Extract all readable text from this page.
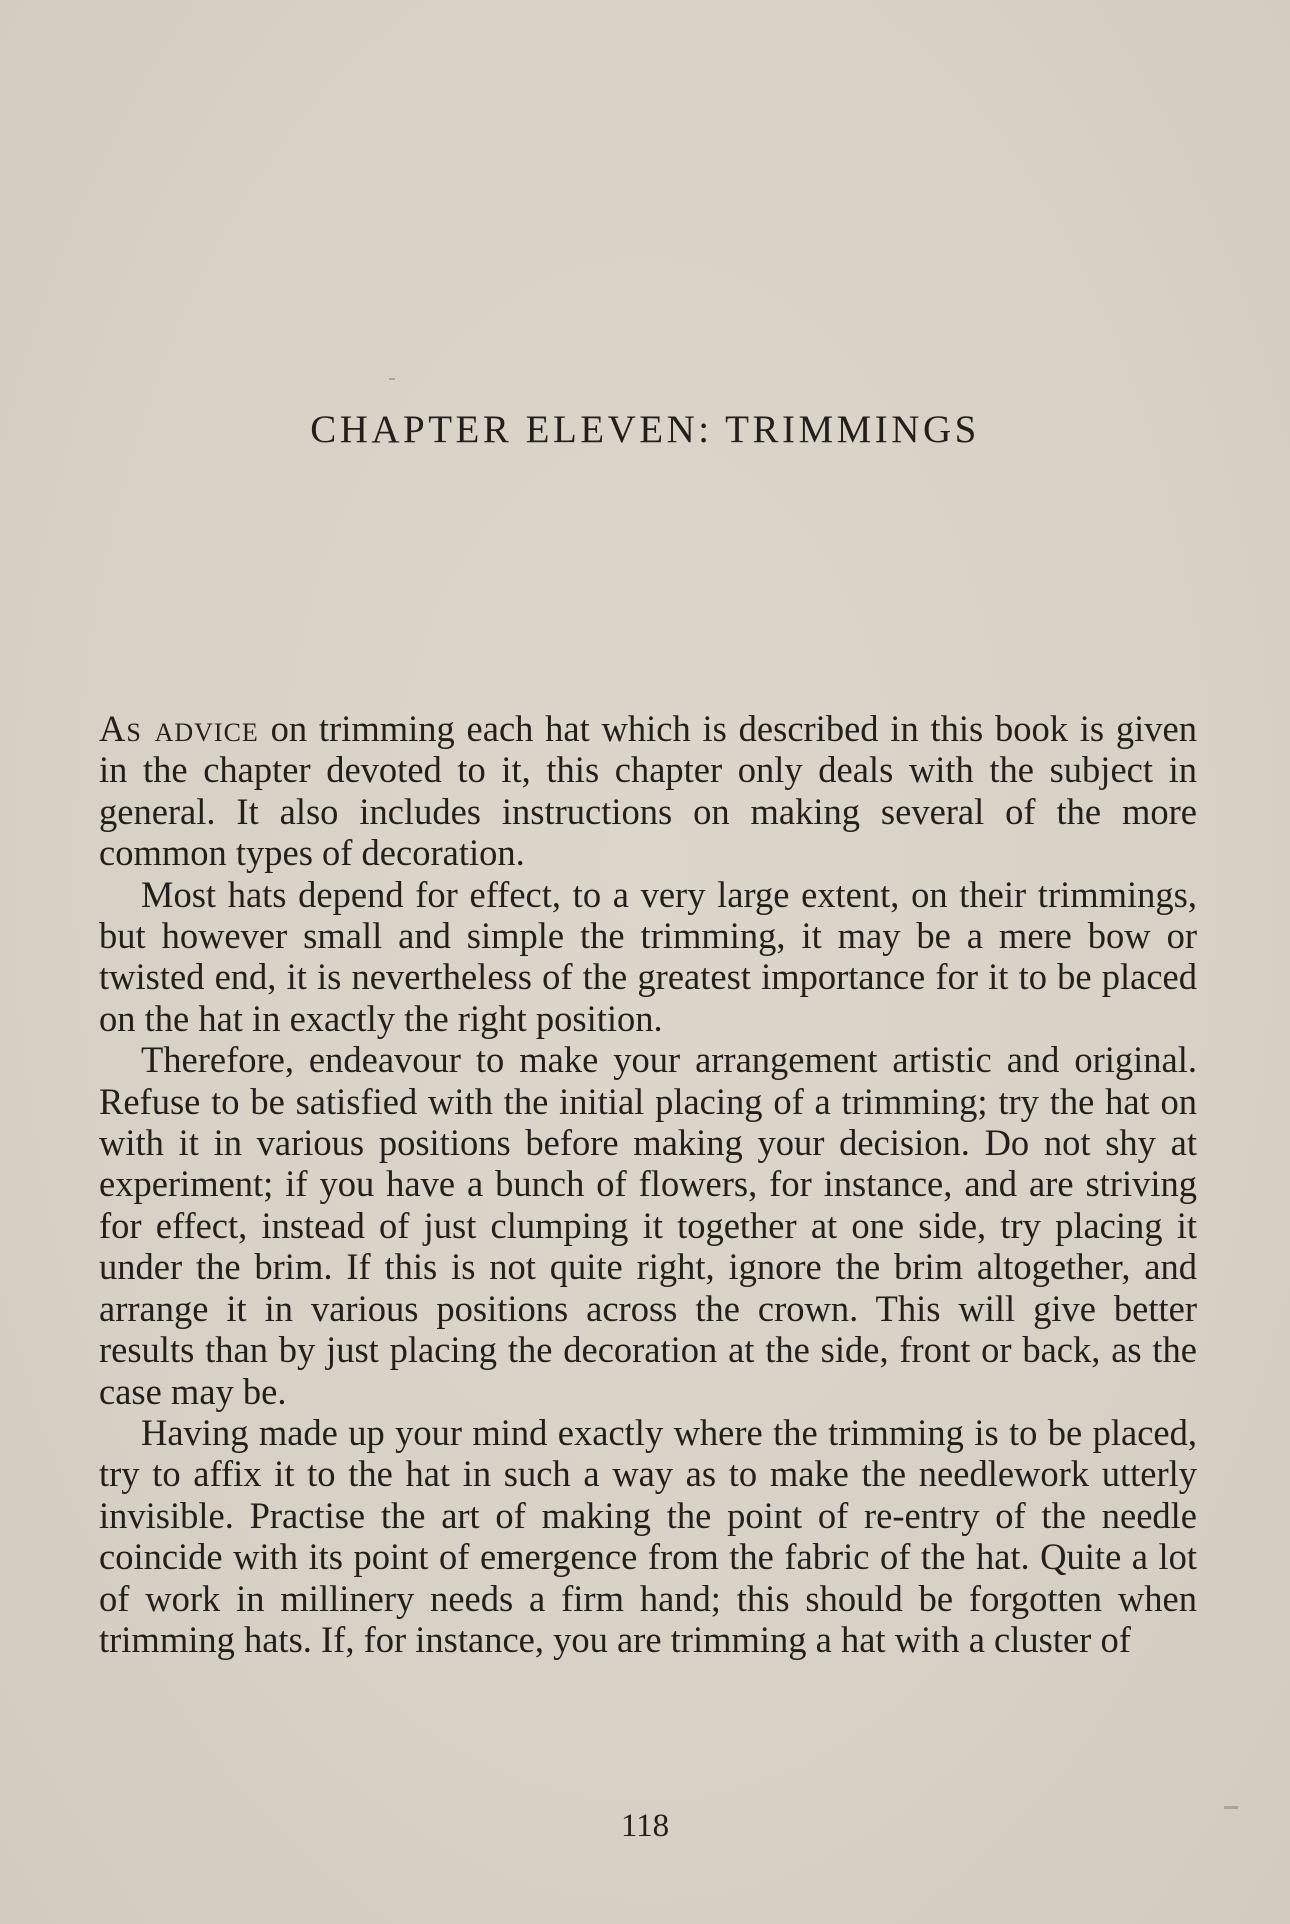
CHAPTER ELEVEN: TRIMMINGS

As advice on trimming each hat which is described in this book is given in the chapter devoted to it, this chapter only deals with the subject in general. It also includes instructions on making several of the more common types of decoration.

Most hats depend for effect, to a very large extent, on their trimmings, but however small and simple the trimming, it may be a mere bow or twisted end, it is nevertheless of the greatest importance for it to be placed on the hat in exactly the right position.

Therefore, endeavour to make your arrangement artistic and original. Refuse to be satisfied with the initial placing of a trimming; try the hat on with it in various positions before making your decision. Do not shy at experiment; if you have a bunch of flowers, for instance, and are striving for effect, instead of just clumping it together at one side, try placing it under the brim. If this is not quite right, ignore the brim altogether, and arrange it in various positions across the crown. This will give better results than by just placing the decoration at the side, front or back, as the case may be.

Having made up your mind exactly where the trimming is to be placed, try to affix it to the hat in such a way as to make the needlework utterly invisible. Practise the art of making the point of re-entry of the needle coincide with its point of emergence from the fabric of the hat. Quite a lot of work in millinery needs a firm hand; this should be forgotten when trimming hats. If, for instance, you are trimming a hat with a cluster of

118
